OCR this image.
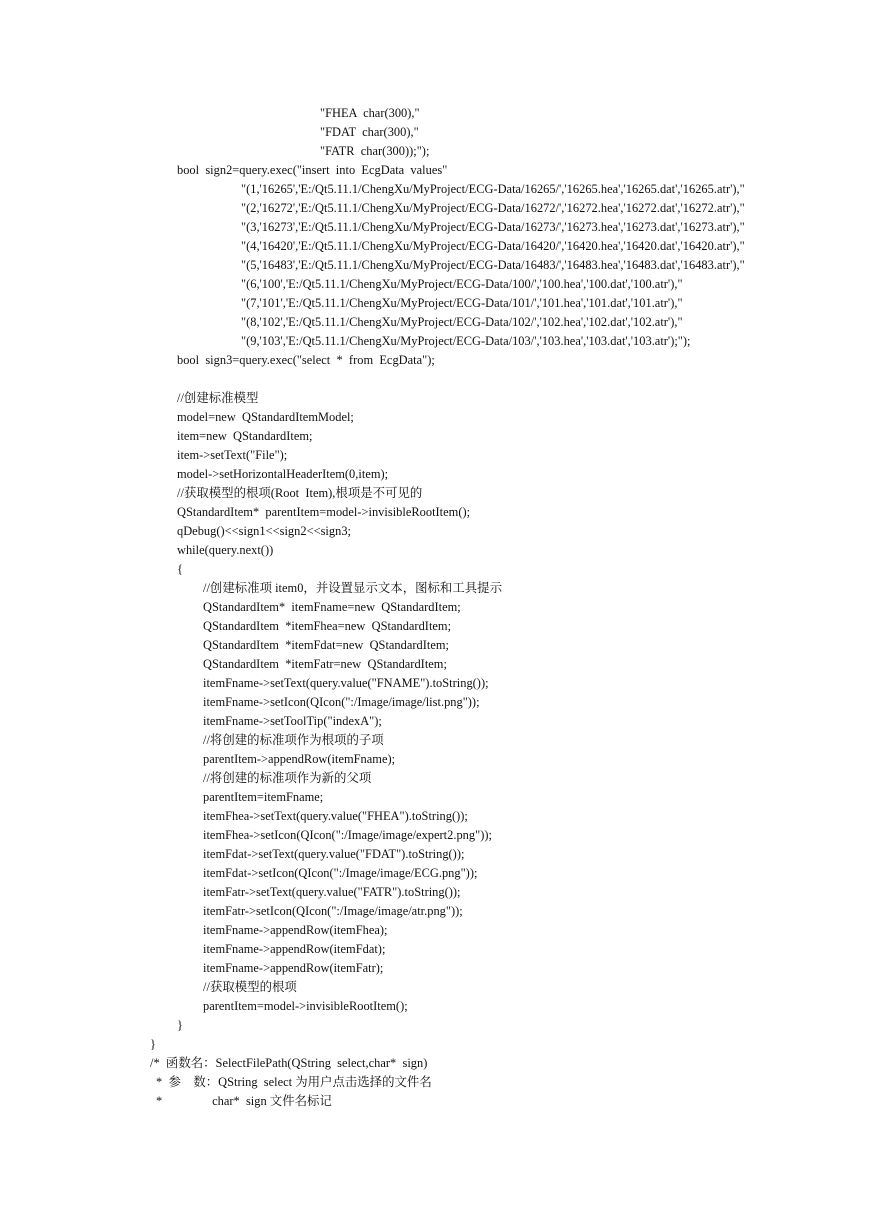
"FHEA  char(300),"
"FDAT  char(300),"
"FATR  char(300));");
bool  sign2=query.exec("insert  into  EcgData  values"
"(1,'16265','E:/Qt5.11.1/ChengXu/MyProject/ECG-Data/16265/','16265.hea','16265.dat','16265.atr'),"
"(2,'16272','E:/Qt5.11.1/ChengXu/MyProject/ECG-Data/16272/','16272.hea','16272.dat','16272.atr'),"
"(3,'16273','E:/Qt5.11.1/ChengXu/MyProject/ECG-Data/16273/','16273.hea','16273.dat','16273.atr'),"
"(4,'16420','E:/Qt5.11.1/ChengXu/MyProject/ECG-Data/16420/','16420.hea','16420.dat','16420.atr'),"
"(5,'16483','E:/Qt5.11.1/ChengXu/MyProject/ECG-Data/16483/','16483.hea','16483.dat','16483.atr'),"
"(6,'100','E:/Qt5.11.1/ChengXu/MyProject/ECG-Data/100/','100.hea','100.dat','100.atr'),"
"(7,'101','E:/Qt5.11.1/ChengXu/MyProject/ECG-Data/101/','101.hea','101.dat','101.atr'),"
"(8,'102','E:/Qt5.11.1/ChengXu/MyProject/ECG-Data/102/','102.hea','102.dat','102.atr'),"
"(9,'103','E:/Qt5.11.1/ChengXu/MyProject/ECG-Data/103/','103.hea','103.dat','103.atr');");
bool  sign3=query.exec("select  *  from  EcgData");
//创建标准模型
model=new  QStandardItemModel;
item=new  QStandardItem;
item->setText("File");
model->setHorizontalHeaderItem(0,item);
//获取模型的根项(Root  Item),根项是不可见的
QStandardItem*  parentItem=model->invisibleRootItem();
qDebug()<<sign1<<sign2<<sign3;
while(query.next())
{
//创建标准项 item0，并设置显示文本，图标和工具提示
QStandardItem*  itemFname=new  QStandardItem;
QStandardItem  *itemFhea=new  QStandardItem;
QStandardItem  *itemFdat=new  QStandardItem;
QStandardItem  *itemFatr=new  QStandardItem;
itemFname->setText(query.value("FNAME").toString());
itemFname->setIcon(QIcon(":/Image/image/list.png"));
itemFname->setToolTip("indexA");
//将创建的标准项作为根项的子项
parentItem->appendRow(itemFname);
//将创建的标准项作为新的父项
parentItem=itemFname;
itemFhea->setText(query.value("FHEA").toString());
itemFhea->setIcon(QIcon(":/Image/image/expert2.png"));
itemFdat->setText(query.value("FDAT").toString());
itemFdat->setIcon(QIcon(":/Image/image/ECG.png"));
itemFatr->setText(query.value("FATR").toString());
itemFatr->setIcon(QIcon(":/Image/image/atr.png"));
itemFname->appendRow(itemFhea);
itemFname->appendRow(itemFdat);
itemFname->appendRow(itemFatr);
//获取模型的根项
parentItem=model->invisibleRootItem();
}
}
/*  函数名：SelectFilePath(QString  select,char*  sign)
*  参    数：QString  select 为用户点击选择的文件名
*                char*  sign 文件名标记
